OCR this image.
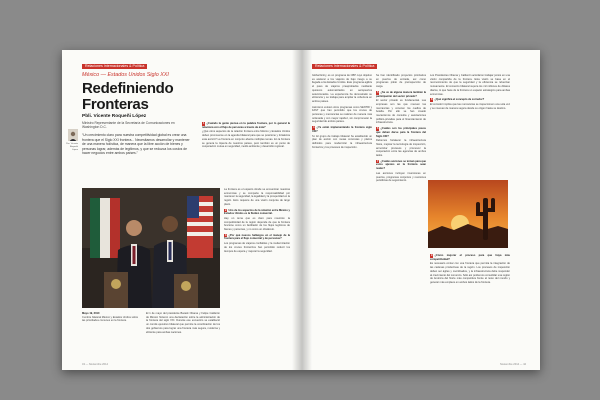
Relaciones Internacionales & Política
México — Estados Unidos Siglo XXI
Redefiniendo
Fronteras
Pbli. Vicente Roqueñi López
Ministro Representante de la Secretaría de Comunicaciones en Washington D.C.
Por: Vicente Roqueñi López
“Un crecimiento claro para nuestra competitividad global es crear una frontera que el Siglo XXI frontera... Necesitamos desarrollar y mantener de una manera holística, de manera que la libre acción de bienes y personas lograr, además de legítimos, y que se reduzca los costos de hacer negocios entre ambos países.”
1 ¿Cuándo la gente piensa en la palabra frontera, por lo general la relaciona con el flujo de personas a través de ésta?
¿Qué otros aspectos de la relación frontera entre México y Estados Unidos deben promoverse en la agenda bilateral para que se posicione y fortalezca esta acción? La frontera en conjunto abarca múltiples temas. En la frontera se genera la riqueza de nuestros países, pero también es un punto de cooperación mutua en seguridad, medio ambiente y desarrollo regional.
La frontera es el espacio donde se encuentran nuestras economías y se comparte la responsabilidad por mantener la seguridad, la legalidad y la prosperidad en la región. Esto requiere de una visión conjunta de largo plazo.
2 Uno de los aspectos de la relación entre México y Estados Unidos es la fluidez comercial.
Hay un tema que es claro para nosotros: la competitividad de la región depende de que la frontera funcione como un facilitador de los flujos legítimos de bienes y personas, y no como un obstáculo.
3 ¿Por qué nuevos hallazgos en el manejo de la frontera para el flujo comercial y de personas?
Los programas de viajeros confiables y la modernización de los cruces fronterizos han permitido reducir los tiempos de espera y mejorar la seguridad.
Mayo 19, 2010
Cumbre bilateral México y Estados Unidos sobre las prioridades comunes en la frontera.
El 1 de mayo del presidente Barack Obama y Felipe Calderón de México hicieron una declaración sobre la administración de la frontera del siglo XXI. Durante ese encuentro se estableció un comité ejecutivo bilateral que permite la coordinación de los dos gobiernos para lograr una frontera más segura, moderna y eficiente para ambas naciones.
43 — Noviembre 2014
Relaciones Internacionales & Política
Global Entry, es un programa de CBP cuyo objetivo es acelerar a los viajeros de bajo riesgo a su llegada a los Estados Unidos. Este programa agiliza el paso de viajeros preaprobados mediante quioscos automatizados en aeropuertos seleccionados. La experiencia ha demostrado su eficiencia y se trabaja para ampliar la cobertura en ambos países.
Asimismo existen otros programas como SENTRI y FAST que han permitido que los cruces de personas y mercancías se realicen de manera más ordenada y con mayor rapidez, sin comprometer la seguridad de ambos países.
4 ¿Ya están implementando la frontera siglo XXI?
Sí. El grupo de trabajo bilateral ha establecido un plan de acción con metas concretas y plazos definidos para modernizar la infraestructura fronteriza y los procesos de inspección.
Se han identificado proyectos prioritarios en puertos de entrada, así como programas piloto de preinspección de carga.
5 ¿Se ve de alguna manera también la participación del sector privado?
El sector privado es fundamental. Las empresas son las que mueven las mercancías y conocen los cuellos de botella. Por ello se han creado mecanismos de consulta y asociaciones público-privadas para el financiamiento de infraestructura.
6 ¿Cuáles son los principales pasos que deben darse para la frontera del Siglo XXI?
Debemos fortalecer la infraestructura física, mejorar la tecnología de inspección, armonizar procesos y promover la cooperación entre las agencias de ambos lados.
7 ¿Cuáles acciones se toman para que estos ajustes en la frontera sean reales?
Las acciones incluyen inversiones en puertos, programas conjuntos y reuniones periódicas de seguimiento.
Los Presidentes Obama y Calderón acordaron trabajar juntos en una visión compartida de la frontera. Esta visión se basa en el reconocimiento de que la seguridad y la eficiencia se refuerzan mutuamente. El comercio bilateral supera los mil millones de dólares diarios, lo que hace de la frontera un espacio estratégico para ambas economías.
8 ¿Qué significa el concepto de corredor?
El corredor implica que las mercancías se inspeccionen una sola vez y se muevan de manera segura desde su origen hasta su destino.
9 ¿Cómo mejorar el proceso para que haya más competitividad?
Es necesario contar con una frontera que permita la integración de las cadenas productivas de la región. Los procesos de inspección deben ser ágiles y coordinados, y la infraestructura debe responder al crecimiento del comercio. Sólo así podremos consolidar una región de América del Norte más competitiva frente al resto del mundo y generar más empleos en ambos lados de la frontera.
Noviembre 2014 — 44
